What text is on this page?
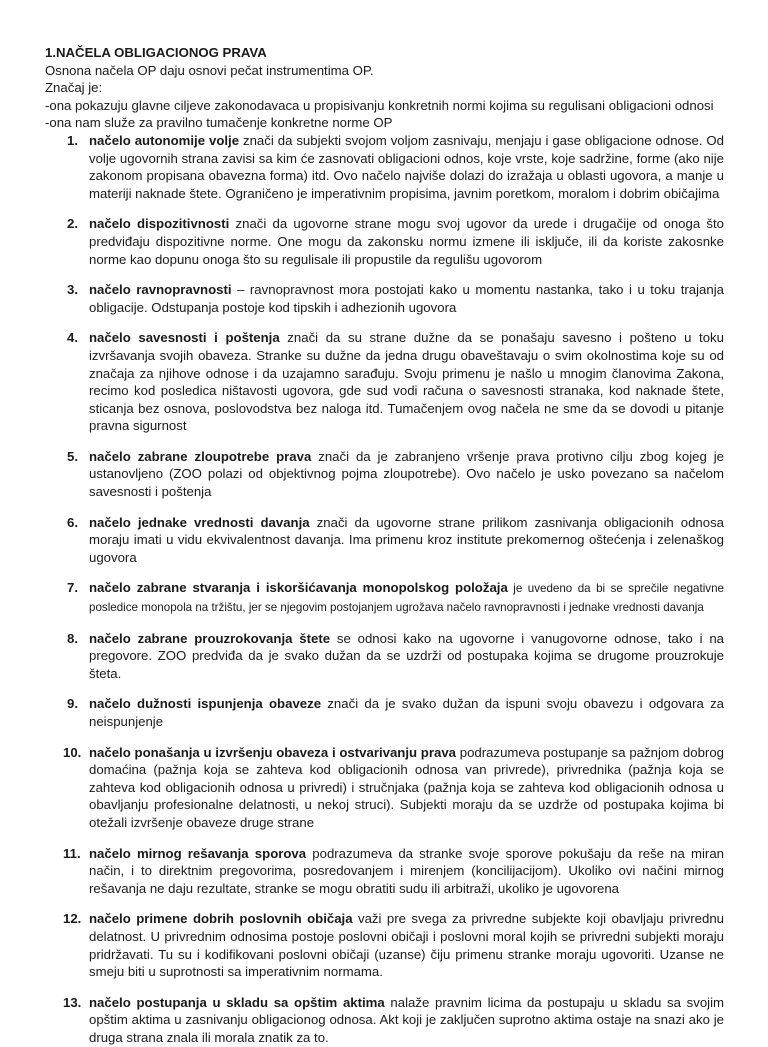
1.NAČELA OBLIGACIONOG PRAVA

Osnona načela OP daju osnovi pečat instrumentima OP.

Značaj je:

-ona pokazuju glavne ciljeve zakonodavaca u propisivanju konkretnih normi kojima su regulisani obligacioni odnosi

-ona nam služe za pravilno tumačenje konkretne norme OP

1. načelo autonomije volje znači da subjekti svojom voljom zasnivaju, menjaju i gase obligacione odnose. Od volje ugovornih strana zavisi sa kim će zasnovati obligacioni odnos, koje vrste, koje sadržine, forme (ako nije zakonom propisana obavezna forma) itd. Ovo načelo najviše dolazi do izražaja u oblasti ugovora, a manje u materiji naknade štete. Ograničeno je imperativnim propisima, javnim poretkom, moralom i dobrim običajima

2. načelo dispozitivnosti znači da ugovorne strane mogu svoj ugovor da urede i drugačije od onoga što predviđaju dispozitivne norme. One mogu da zakonsku normu izmene ili isključe, ili da koriste zakosnke norme kao dopunu onoga što su regulisale ili propustile da regulišu ugovorom

3. načelo ravnopravnosti – ravnopravnost mora postojati kako u momentu nastanka, tako i u toku trajanja obligacije. Odstupanja postoje kod tipskih i adhezionih ugovora

4. načelo savesnosti i poštenja znači da su strane dužne da se ponašaju savesno i pošteno u toku izvršavanja svojih obaveza. Stranke su dužne da jedna drugu obaveštavaju o svim okolnostima koje su od značaja za njihove odnose i da uzajamno sarađuju. Svoju primenu je našlo u mnogim članovima Zakona, recimo kod posledica ništavosti ugovora, gde sud vodi računa o savesnosti stranaka, kod naknade štete, sticanja bez osnova, poslovodstva bez naloga itd. Tumačenjem ovog načela ne sme da se dovodi u pitanje pravna sigurnost

5. načelo zabrane zloupotrebe prava znači da je zabranjeno vršenje prava protivno cilju zbog kojeg je ustanovljeno (ZOO polazi od objektivnog pojma zloupotrebe). Ovo načelo je usko povezano sa načelom savesnosti i poštenja

6. načelo jednake vrednosti davanja znači da ugovorne strane prilikom zasnivanja obligacionih odnosa moraju imati u vidu ekvivalentnost davanja. Ima primenu kroz institute prekomernog oštećenja i zelenaškog ugovora

7. načelo zabrane stvaranja i iskoršićavanja monopolskog položaja je uvedeno da bi se sprečile negativne posledice monopola na tržištu, jer se njegovim postojanjem ugrožava načelo ravnopravnosti i jednake vrednosti davanja

8. načelo zabrane prouzrokovanja štete se odnosi kako na ugovorne i vanugovorne odnose, tako i na pregovore. ZOO predviđa da je svako dužan da se uzdrži od postupaka kojima se drugome prouzrokuje šteta.

9. načelo dužnosti ispunjenja obaveze znači da je svako dužan da ispuni svoju obavezu i odgovara za neispunjenje

10. načelo ponašanja u izvršenju obaveza i ostvarivanju prava podrazumeva postupanje sa pažnjom dobrog domaćina (pažnja koja se zahteva kod obligacionih odnosa van privrede), privrednika (pažnja koja se zahteva kod obligacionih odnosa u privredi) i stručnjaka (pažnja koja se zahteva kod obligacionih odnosa u obavljanju profesionalne delatnosti, u nekoj struci). Subjekti moraju da se uzdrže od postupaka kojima bi otežali izvršenje obaveze druge strane

11. načelo mirnog rešavanja sporova podrazumeva da stranke svoje sporove pokušaju da reše na miran način, i to direktnim pregovorima, posredovanjem i mirenjem (koncilijacijom). Ukoliko ovi načini mirnog rešavanja ne daju rezultate, stranke se mogu obratiti sudu ili arbitraži, ukoliko je ugovorena

12. načelo primene dobrih poslovnih običaja važi pre svega za privredne subjekte koji obavljaju privrednu delatnost. U privrednim odnosima postoje poslovni običaji i poslovni moral kojih se privredni subjekti moraju pridržavati. Tu su i kodifikovani poslovni običaji (uzanse) čiju primenu stranke moraju ugovoriti. Uzanse ne smeju biti u suprotnosti sa imperativnim normama.

13. načelo postupanja u skladu sa opštim aktima nalaže pravnim licima da postupaju u skladu sa svojim opštim aktima u zasnivanju obligacionog odnosa. Akt koji je zaključen suprotno aktima ostaje na snazi ako je druga strana znala ili morala znatik za to.
